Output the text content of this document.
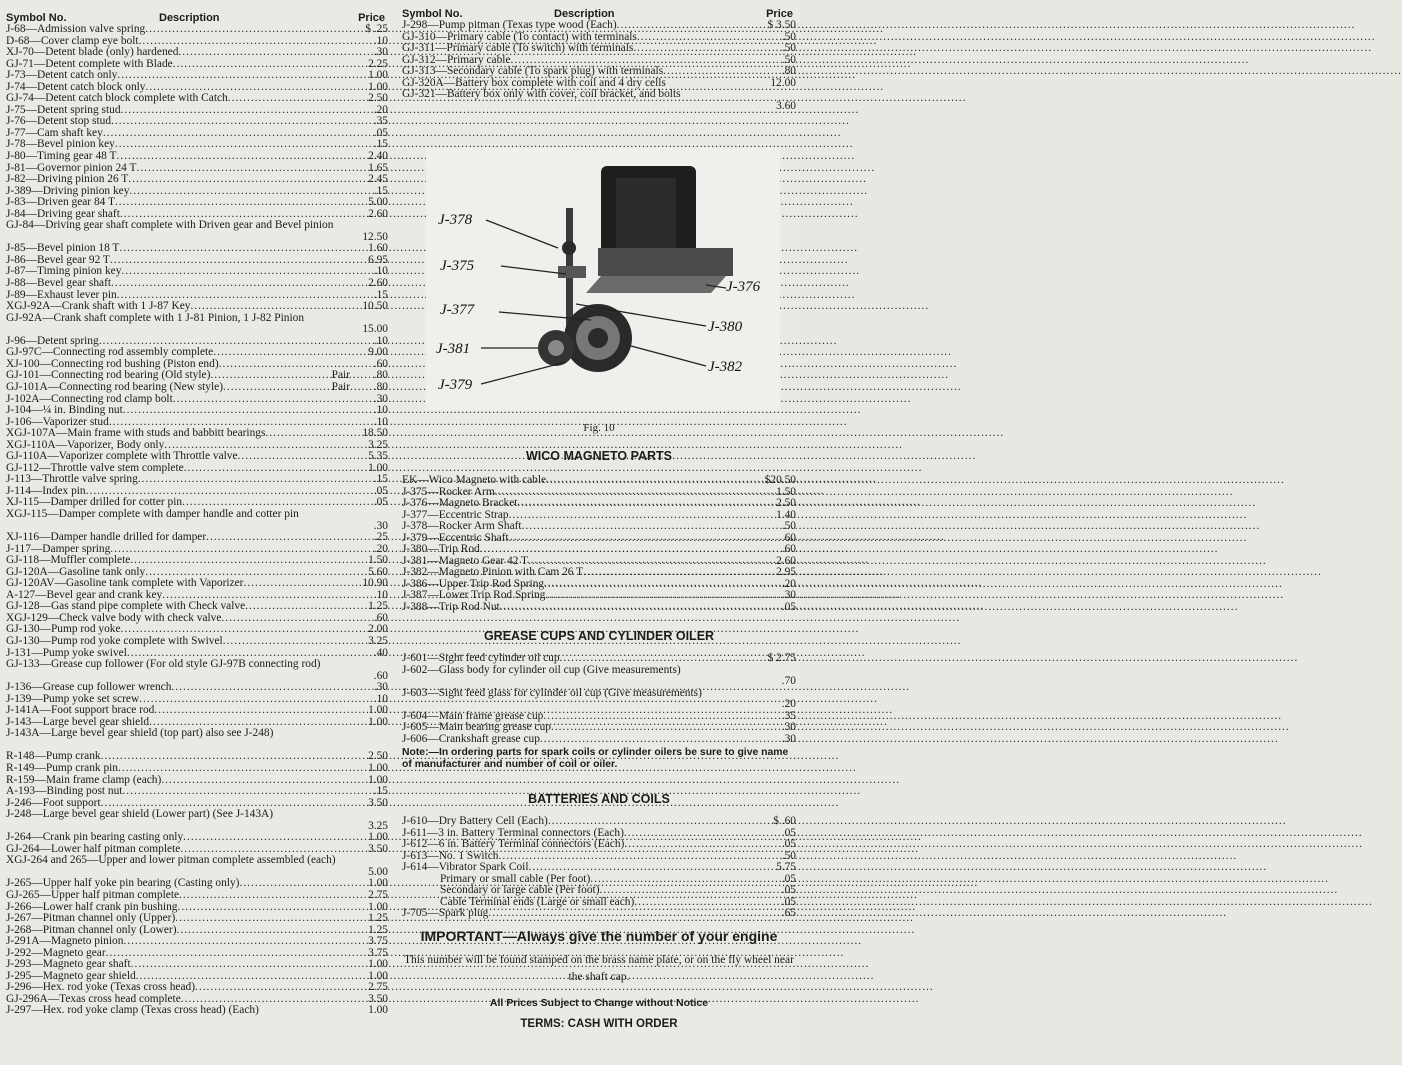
Symbol No.	Description	Price
J-68 — Admission valve spring .....	$ .25
D-68 — Cover clamp eye bolt .....	.10
XJ-70 — Detent blade (only) hardened .....	.30
GJ-71 — Detent complete with Blade .....	2.25
J-73 — Detent catch only .....	1.00
J-74 — Detent catch block only .....	1.00
GJ-74 — Detent catch block complete with Catch .....	2.50
J-75 — Detent spring stud .....	.20
J-76 — Detent stop stud .....	.35
J-77 — Cam shaft key .....	.05
J-78 — Bevel pinion key .....	.15
J-80 — Timing gear 48 T .....	2.40
J-81 — Governor pinion 24 T .....	1.65
J-82 — Driving pinion 26 T .....	2.45
J-389 — Driving pinion key .....	.15
J-83 — Driven gear 84 T .....	5.00
J-84 — Driving gear shaft .....	2.60
GJ-84 — Driving gear shaft complete with Driven gear and Bevel pinion
12.50
J-85 — Bevel pinion 18 T .....	1.60
J-86 — Bevel gear 92 T .....	6.95
J-87 — Timing pinion key .....	.10
J-88 — Bevel gear shaft .....	2.60
J-89 — Exhaust lever pin .....	.15
XGJ-92A — Crank shaft with 1 J-87 Key .....	10.50
GJ-92A — Crank shaft complete with 1 J-81 Pinion, 1 J-82 Pinion
15.00
J-96 — Detent spring .....	.10
GJ-97C — Connecting rod assembly complete .....	9.00
XJ-100 — Connecting rod bushing (Piston end) .....	.60
GJ-101 — Connecting rod bearing (Old style) .....	Pair	.80
GJ-101A — Connecting rod bearing (New style) .....	Pair	.80
J-102A — Connecting rod clamp bolt .....	.30
J-104 — ¼ in. Binding nut .....	.10
J-106 — Vaporizer stud .....	.10
XGJ-107A — Main frame with studs and babbitt bearings .....	18.50
XGJ-110A — Vaporizer, Body only .....	3.25
GJ-110A — Vaporizer complete with Throttle valve .....	5.35
GJ-112 — Throttle valve stem complete .....	1.00
J-113 — Throttle valve spring .....	.15
J-114 — Index pin .....	.05
XJ-115 — Damper drilled for cotter pin .....	.05
XGJ-115 — Damper complete with damper handle and cotter pin
.30
XJ-116 — Damper handle drilled for damper .....	.25
J-117 — Damper spring .....	.20
GJ-118 — Muffler complete .....	1.50
GJ-120A — Gasoline tank only .....	5.60
GJ-120AV — Gasoline tank complete with Vaporizer .....	10.90
A-127 — Bevel gear and crank key .....	.10
GJ-128 — Gas stand pipe complete with Check valve .....	1.25
XGJ-129 — Check valve body with check valve .....	.60
GJ-130 — Pump rod yoke .....	2.00
GJ-130 — Pump rod yoke complete with Swivel .....	3.25
J-131 — Pump yoke swivel .....	.40
GJ-133 — Grease cup follower (For old style GJ-97B connecting rod)
.60
J-136 — Grease cup follower wrench .....	.30
J-139 — Pump yoke set screw .....	.10
J-141A — Foot support brace rod .....	1.00
J-143 — Large bevel gear shield .....	1.00
J-143A — Large bevel gear shield (top part) also see J-248)
R-148 — Pump crank .....	2.50
R-149 — Pump crank pin .....	1.00
R-159 — Main frame clamp (each) .....	1.00
A-193 — Binding post nut .....	.15
J-246 — Foot support .....	3.50
J-248 — Large bevel gear shield (Lower part) (See J-143A)
3.25
J-264 — Crank pin bearing casting only .....	1.00
GJ-264 — Lower half pitman complete .....	3.50
XGJ-264 and 265 — Upper and lower pitman complete assembled (each)
5.00
J-265 — Upper half yoke pin bearing (Casting only) .....	1.00
GJ-265 — Upper half pitman complete .....	2.75
J-266 — Lower half crank pin bushing .....	1.00
J-267 — Pitman channel only (Upper) .....	1.25
J-268 — Pitman channel only (Lower) .....	1.25
J-291A — Magneto pinion .....	3.75
J-292 — Magneto gear .....	3.75
J-293 — Magneto gear shaft .....	1.00
J-295 — Magneto gear shield .....	1.00
J-296 — Hex. rod yoke (Texas cross head) .....	2.75
GJ-296A — Texas cross head complete .....	3.50
J-297 — Hex. rod yoke clamp (Texas cross head) (Each)	1.00
Symbol No.	Description	Price
J-298 — Pump pitman (Texas type wood (Each) .....	$ 3.50
GJ-310 — Primary cable (To contact) with terminals .....	.50
GJ-311 — Primary cable (To switch) with terminals .....	.50
GJ-312 — Primary cable .....	.50
GJ-313 — Secondary cable (To spark plug) with terminals .....	.80
GJ-320A — Battery box complete with coil and 4 dry cells	12.00
GJ-321 — Battery box only with cover, coil bracket, and bolts
3.60
J-378
J-375
J-377
J-381
J-379
J-376
J-380
J-382
Fig. 10

WICO MAGNETO PARTS

EK — Wico Magneto with cable .....	$20.50
J-375 — Rocker Arm .....	1.50
J-376 — Magneto Bracket .....	2.50
J-377 — Eccentric Strap .....	1.40
J-378 — Rocker Arm Shaft .....	.50
J-379 — Eccentric Shaft .....	.60
J-380 — Trip Rod .....	.60
J-381 — Magneto Gear 42 T .....	2.60
J-382 — Magneto Pinion with Cam 26 T .....	2.95
J-386 — Upper Trip Rod Spring .....	.20
J-387 — Lower Trip Rod Spring .....	.30
J-388 — Trip Rod Nut .....	.05

GREASE CUPS AND CYLINDER OILER

J-601 — Sight feed cylinder oil cup .....	$ 2.75
J-602 — Glass body for cylinder oil cup (Give measurements)
.70
J-603 — Sight feed glass for cylinder oil cup (Give measurements)
.20
J-604 — Main frame grease cup .....	.35
J-605 — Main bearing grease cup .....	.30
J-606 — Crankshaft grease cup .....	.30

Note:—In ordering parts for spark coils or cylinder oilers be sure to give name of manufacturer and number of coil or oiler.

BATTERIES AND COILS

J-610 — Dry Battery Cell (Each) .....	$ .60
J-611 — 3 in. Battery Terminal connectors (Each) .....	.05
J-612 — 6 in. Battery Terminal connectors (Each) .....	.05
J-613 — No. 1 Switch .....	.50
J-614 — Vibrator Spark Coil .....	5.75
Primary or small cable (Per foot) .....	.05
Secondary or large cable (Per foot) .....	.05
Cable Terminal ends (Large or small each) .....	.05
J-705 — Spark plug .....	.65

IMPORTANT—Always give the number of your engine

This number will be found stamped on the brass name plate, or on the fly wheel near the shaft cap.

All Prices Subject to Change without Notice

TERMS: CASH WITH ORDER
